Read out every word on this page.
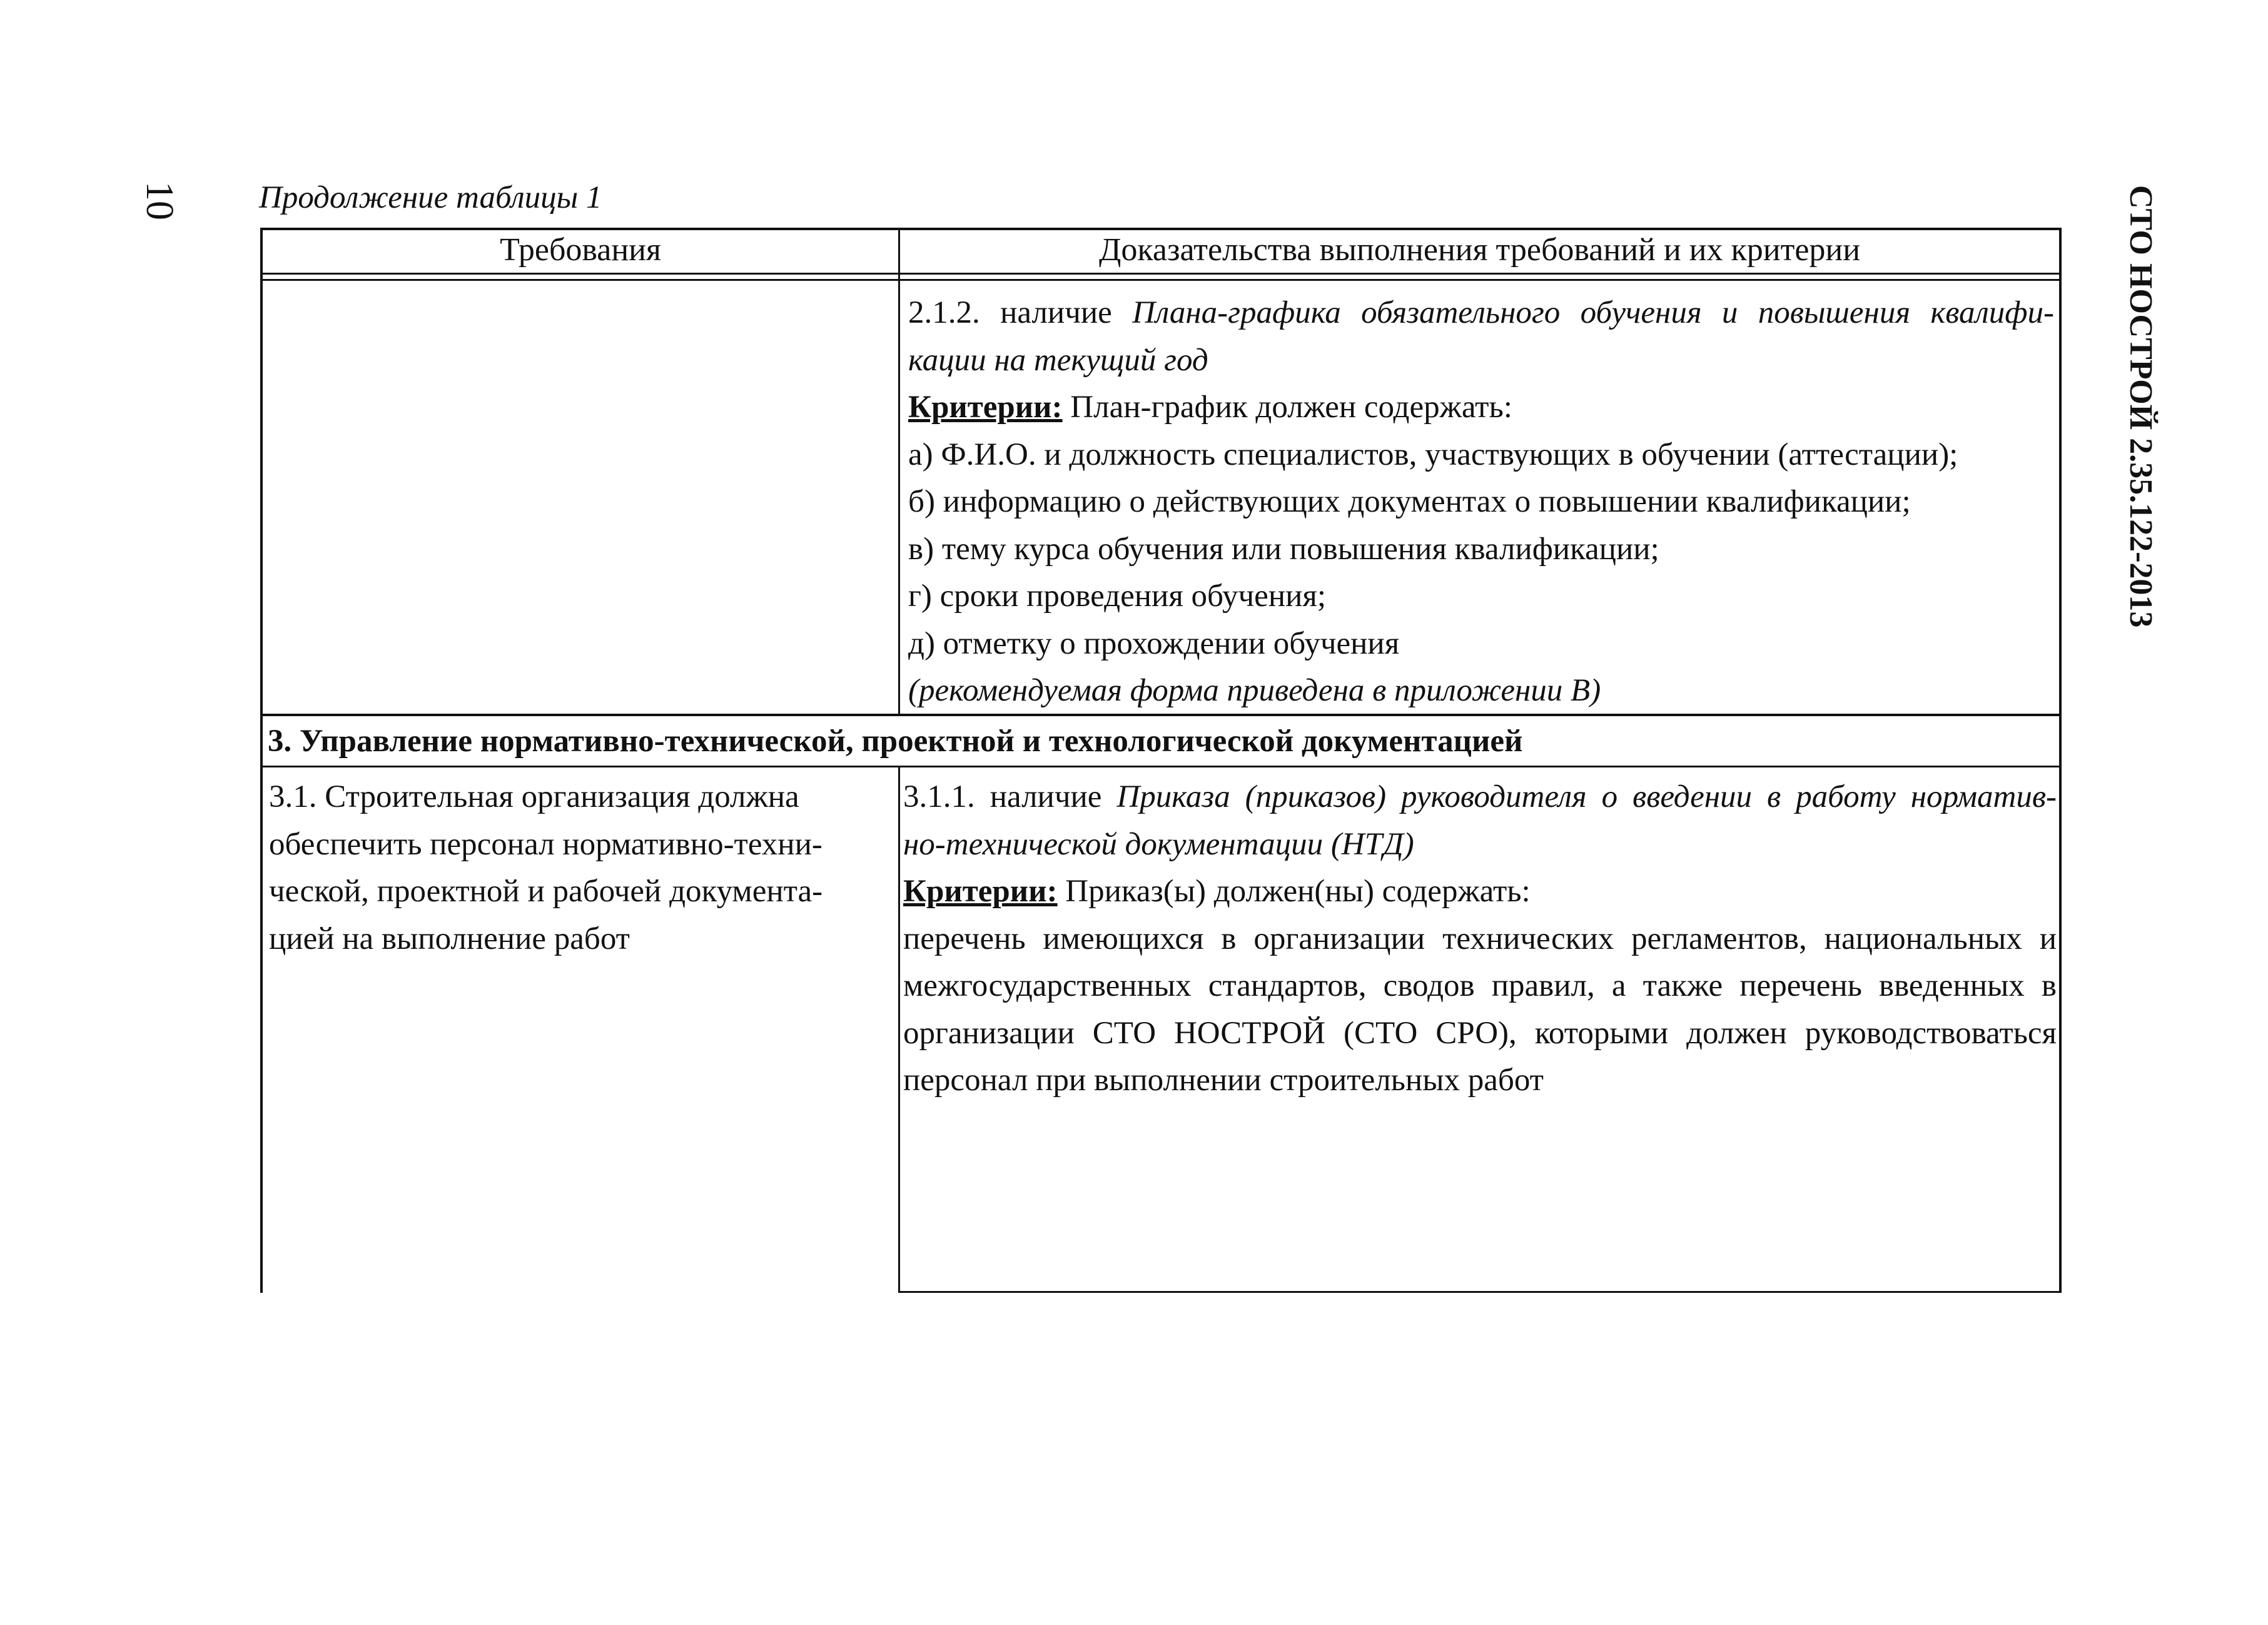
10	СТО НОСТРОЙ 2.35.122-2013
Продолжение таблицы 1
Требования	Доказательства выполнения требований и их критерии

2.1.2. наличие Плана-графика обязательного обучения и повышения квалифи-

кации на текущий год

Критерии: План-график должен содержать:

а) Ф.И.О. и должность специалистов, участвующих в обучении (аттестации);

б) информацию о действующих документах о повышении квалификации;

в) тему курса обучения или повышения квалификации;

г) сроки проведения обучения;

д) отметку о прохождении обучения

(рекомендуемая форма приведена в приложении В)

3. Управление нормативно-технической, проектной и технологической документацией

3.1. Строительная организация должна

обеспечить персонал нормативно-техни-

ческой, проектной и рабочей документа-

цией на выполнение работ

3.1.1. наличие Приказа (приказов) руководителя о введении в работу норматив-

но-технической документации (НТД)

Критерии: Приказ(ы) должен(ны) содержать:

перечень имеющихся в организации технических регламентов, национальных и

межгосударственных стандартов, сводов правил, а также перечень введенных в

организации СТО НОСТРОЙ (СТО СРО), которыми должен руководствоваться

персонал при выполнении строительных работ
